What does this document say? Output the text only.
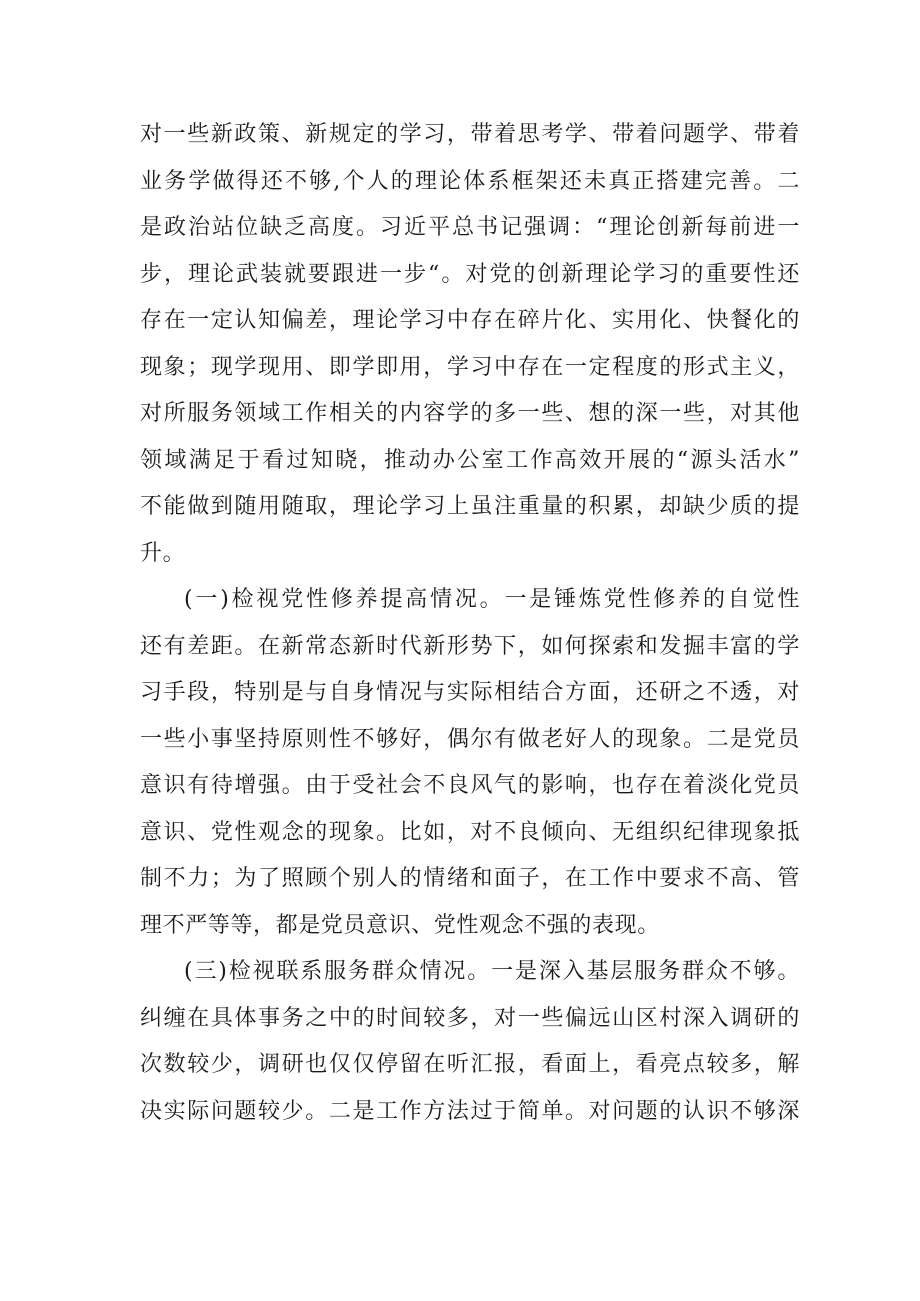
对一些新政策、新规定的学习，带着思考学、带着问题学、带着
业务学做得还不够,个人的理论体系框架还未真正搭建完善。二
是政治站位缺乏高度。习近平总书记强调：“理论创新每前进一
步，理论武装就要跟进一步“。对党的创新理论学习的重要性还
存在一定认知偏差，理论学习中存在碎片化、实用化、快餐化的
现象；现学现用、即学即用，学习中存在一定程度的形式主义，
对所服务领域工作相关的内容学的多一些、想的深一些，对其他
领域满足于看过知晓，推动办公室工作高效开展的“源头活水”
不能做到随用随取，理论学习上虽注重量的积累，却缺少质的提
升。
(一)检视党性修养提高情况。一是锤炼党性修养的自觉性
还有差距。在新常态新时代新形势下，如何探索和发掘丰富的学
习手段，特别是与自身情况与实际相结合方面，还研之不透，对
一些小事坚持原则性不够好，偶尔有做老好人的现象。二是党员
意识有待增强。由于受社会不良风气的影响，也存在着淡化党员
意识、党性观念的现象。比如，对不良倾向、无组织纪律现象抵
制不力；为了照顾个别人的情绪和面子，在工作中要求不高、管
理不严等等，都是党员意识、党性观念不强的表现。
(三)检视联系服务群众情况。一是深入基层服务群众不够。
纠缠在具体事务之中的时间较多，对一些偏远山区村深入调研的
次数较少，调研也仅仅停留在听汇报，看面上，看亮点较多，解
决实际问题较少。二是工作方法过于简单。对问题的认识不够深
